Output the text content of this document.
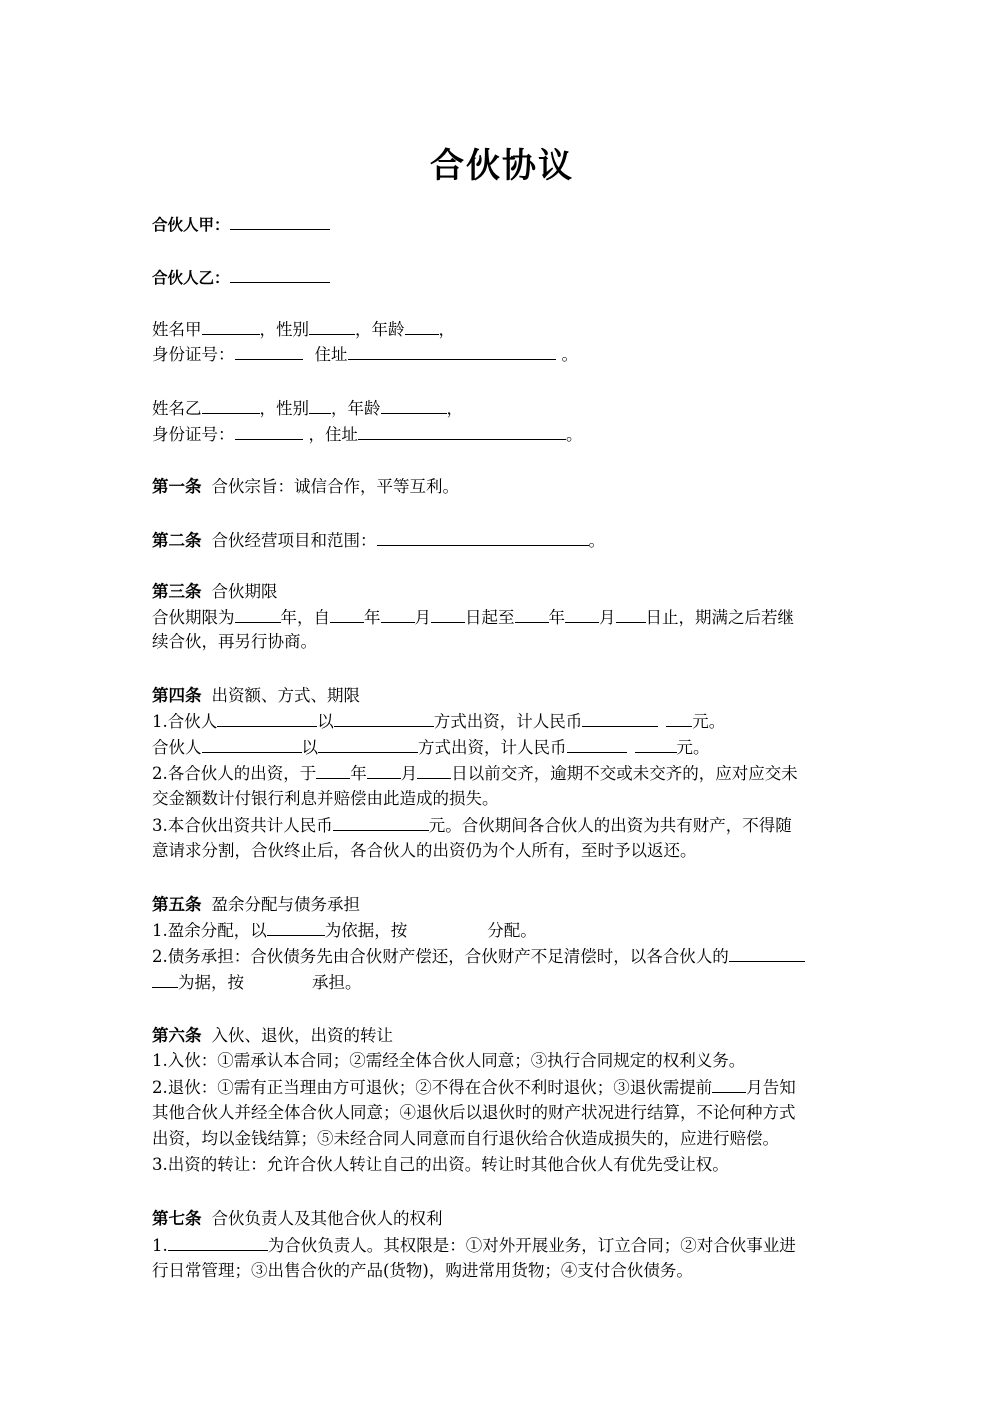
合伙协议
合伙人甲：
合伙人乙：
姓名甲	，性别	，年龄 ，
身份证号：	住址	。
姓名乙	，性别 ，年龄	，
身份证号：	，住址	。
第一条 合伙宗旨：诚信合作，平等互利。
第二条 合伙经营项目和范围：	。
第三条 合伙期限
合伙期限为	年，自 年 月 日起至 年 月 日止，期满之后若继
续合伙，再另行协商。
第四条 出资额、方式、期限
1.合伙人	以	方式出资，计人民币	元。
合伙人	以	方式出资，计人民币	元。
2.各合伙人的出资，于 年 月 日以前交齐，逾期不交或未交齐的，应对应交未
交金额数计付银行利息并赔偿由此造成的损失。
3.本合伙出资共计人民币	元。合伙期间各合伙人的出资为共有财产，不得随
意请求分割，合伙终止后，各合伙人的出资仍为个人所有，至时予以返还。
第五条 盈余分配与债务承担
1.盈余分配，以	为依据，按	分配。
2.债务承担：合伙债务先由合伙财产偿还，合伙财产不足清偿时，以各合伙人的
为据，按	承担。
第六条 入伙、退伙，出资的转让
1.入伙：①需承认本合同；②需经全体合伙人同意；③执行合同规定的权利义务。
2.退伙：①需有正当理由方可退伙；②不得在合伙不利时退伙；③退伙需提前 月告知
其他合伙人并经全体合伙人同意；④退伙后以退伙时的财产状况进行结算，不论何种方式
出资，均以金钱结算；⑤未经合同人同意而自行退伙给合伙造成损失的，应进行赔偿。
3.出资的转让：允许合伙人转让自己的出资。转让时其他合伙人有优先受让权。
第七条 合伙负责人及其他合伙人的权利
1.	为合伙负责人。其权限是：①对外开展业务，订立合同；②对合伙事业进
行日常管理；③出售合伙的产品(货物)，购进常用货物；④支付合伙债务。
